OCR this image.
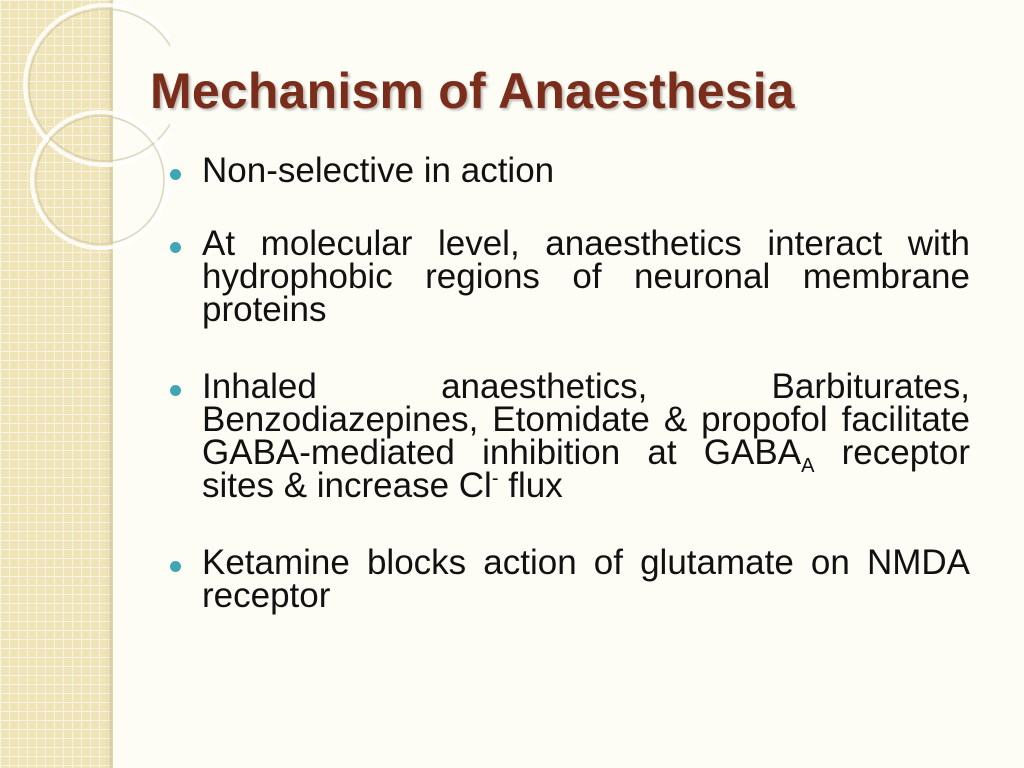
Mechanism of Anaesthesia
Non-selective in action
At molecular level, anaesthetics interact with hydrophobic regions of neuronal membrane proteins
Inhaled anaesthetics, Barbiturates, Benzodiazepines, Etomidate & propofol facilitate GABA-mediated inhibition at $GABA_A$ receptor sites & increase Cl- flux
Ketamine blocks action of glutamate on NMDA receptor
